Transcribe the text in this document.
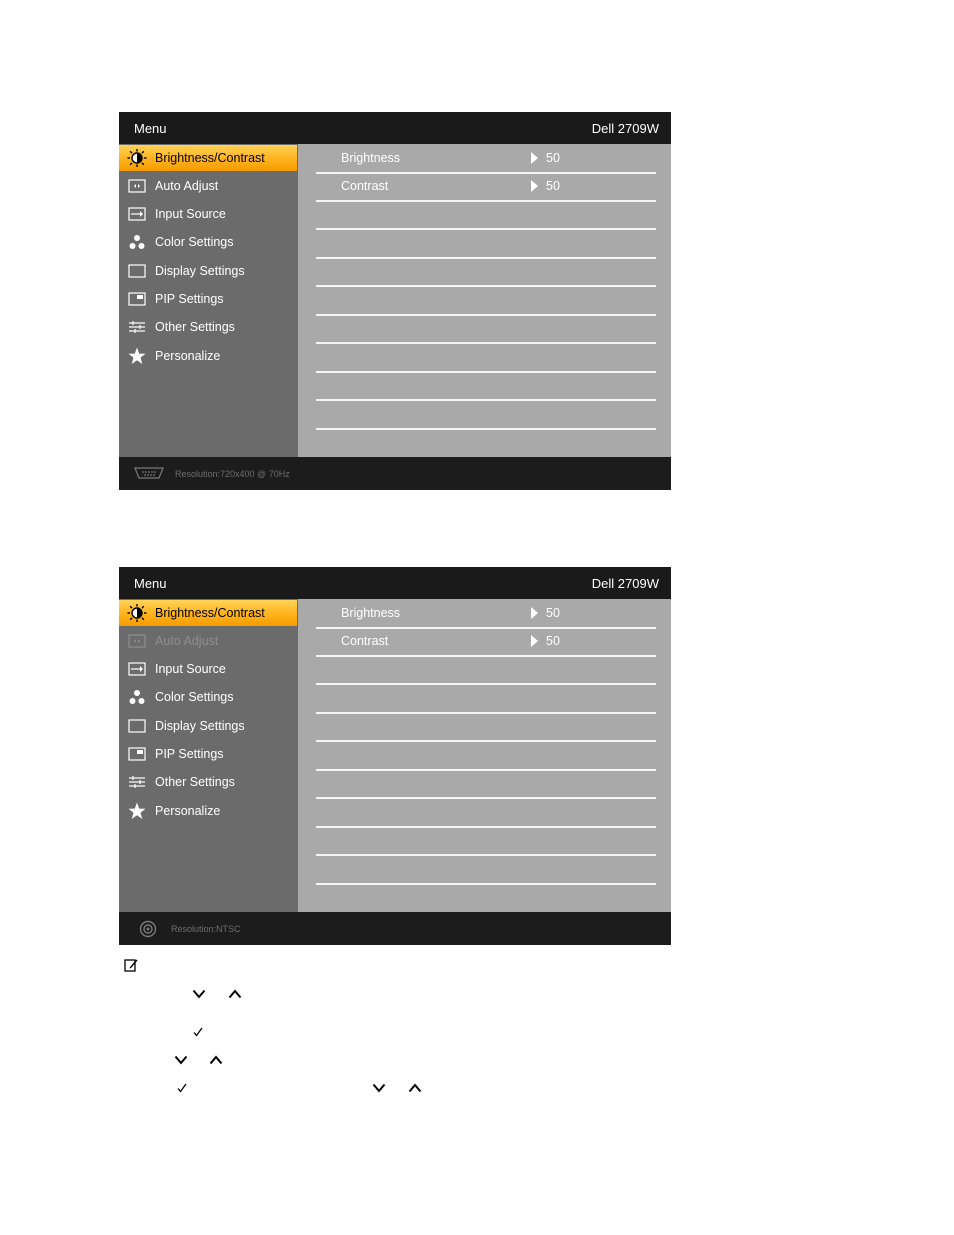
Menu	Dell 2709W
Brightness/Contrast
Auto Adjust
Input Source
Color Settings
Display Settings
PIP Settings
Other Settings
Personalize
Brightness	50
Contrast	50
Resolution:720x400 @ 70Hz
Menu	Dell 2709W
Brightness/Contrast
Auto Adjust
Input Source
Color Settings
Display Settings
PIP Settings
Other Settings
Personalize
Brightness	50
Contrast	50
Resolution:NTSC
